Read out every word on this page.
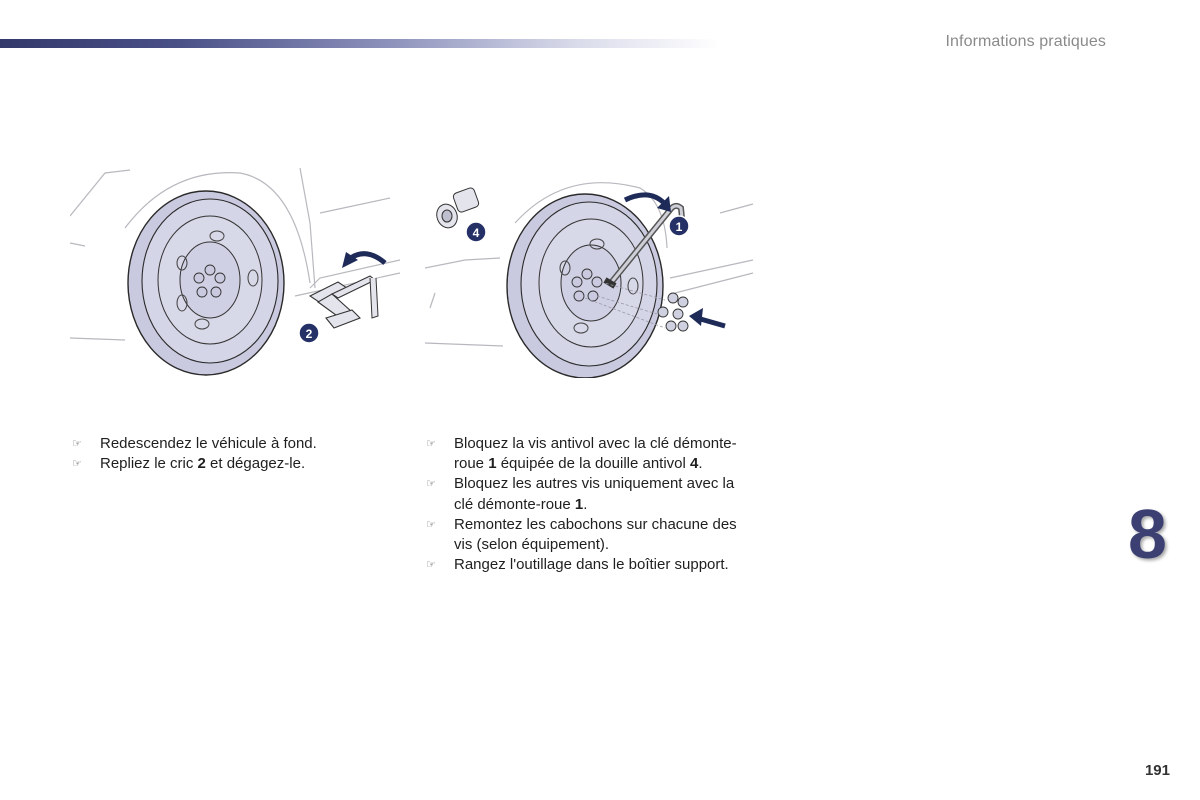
Informations pratiques
2
4	1
☞ Redescendez le véhicule à fond.
☞ Repliez le cric 2 et dégagez-le.
☞ Bloquez la vis antivol avec la clé démonte-roue 1 équipée de la douille antivol 4.
☞ Bloquez les autres vis uniquement avec la clé démonte-roue 1.
☞ Remontez les cabochons sur chacune des vis (selon équipement).
☞ Rangez l'outillage dans le boîtier support.	8
191
